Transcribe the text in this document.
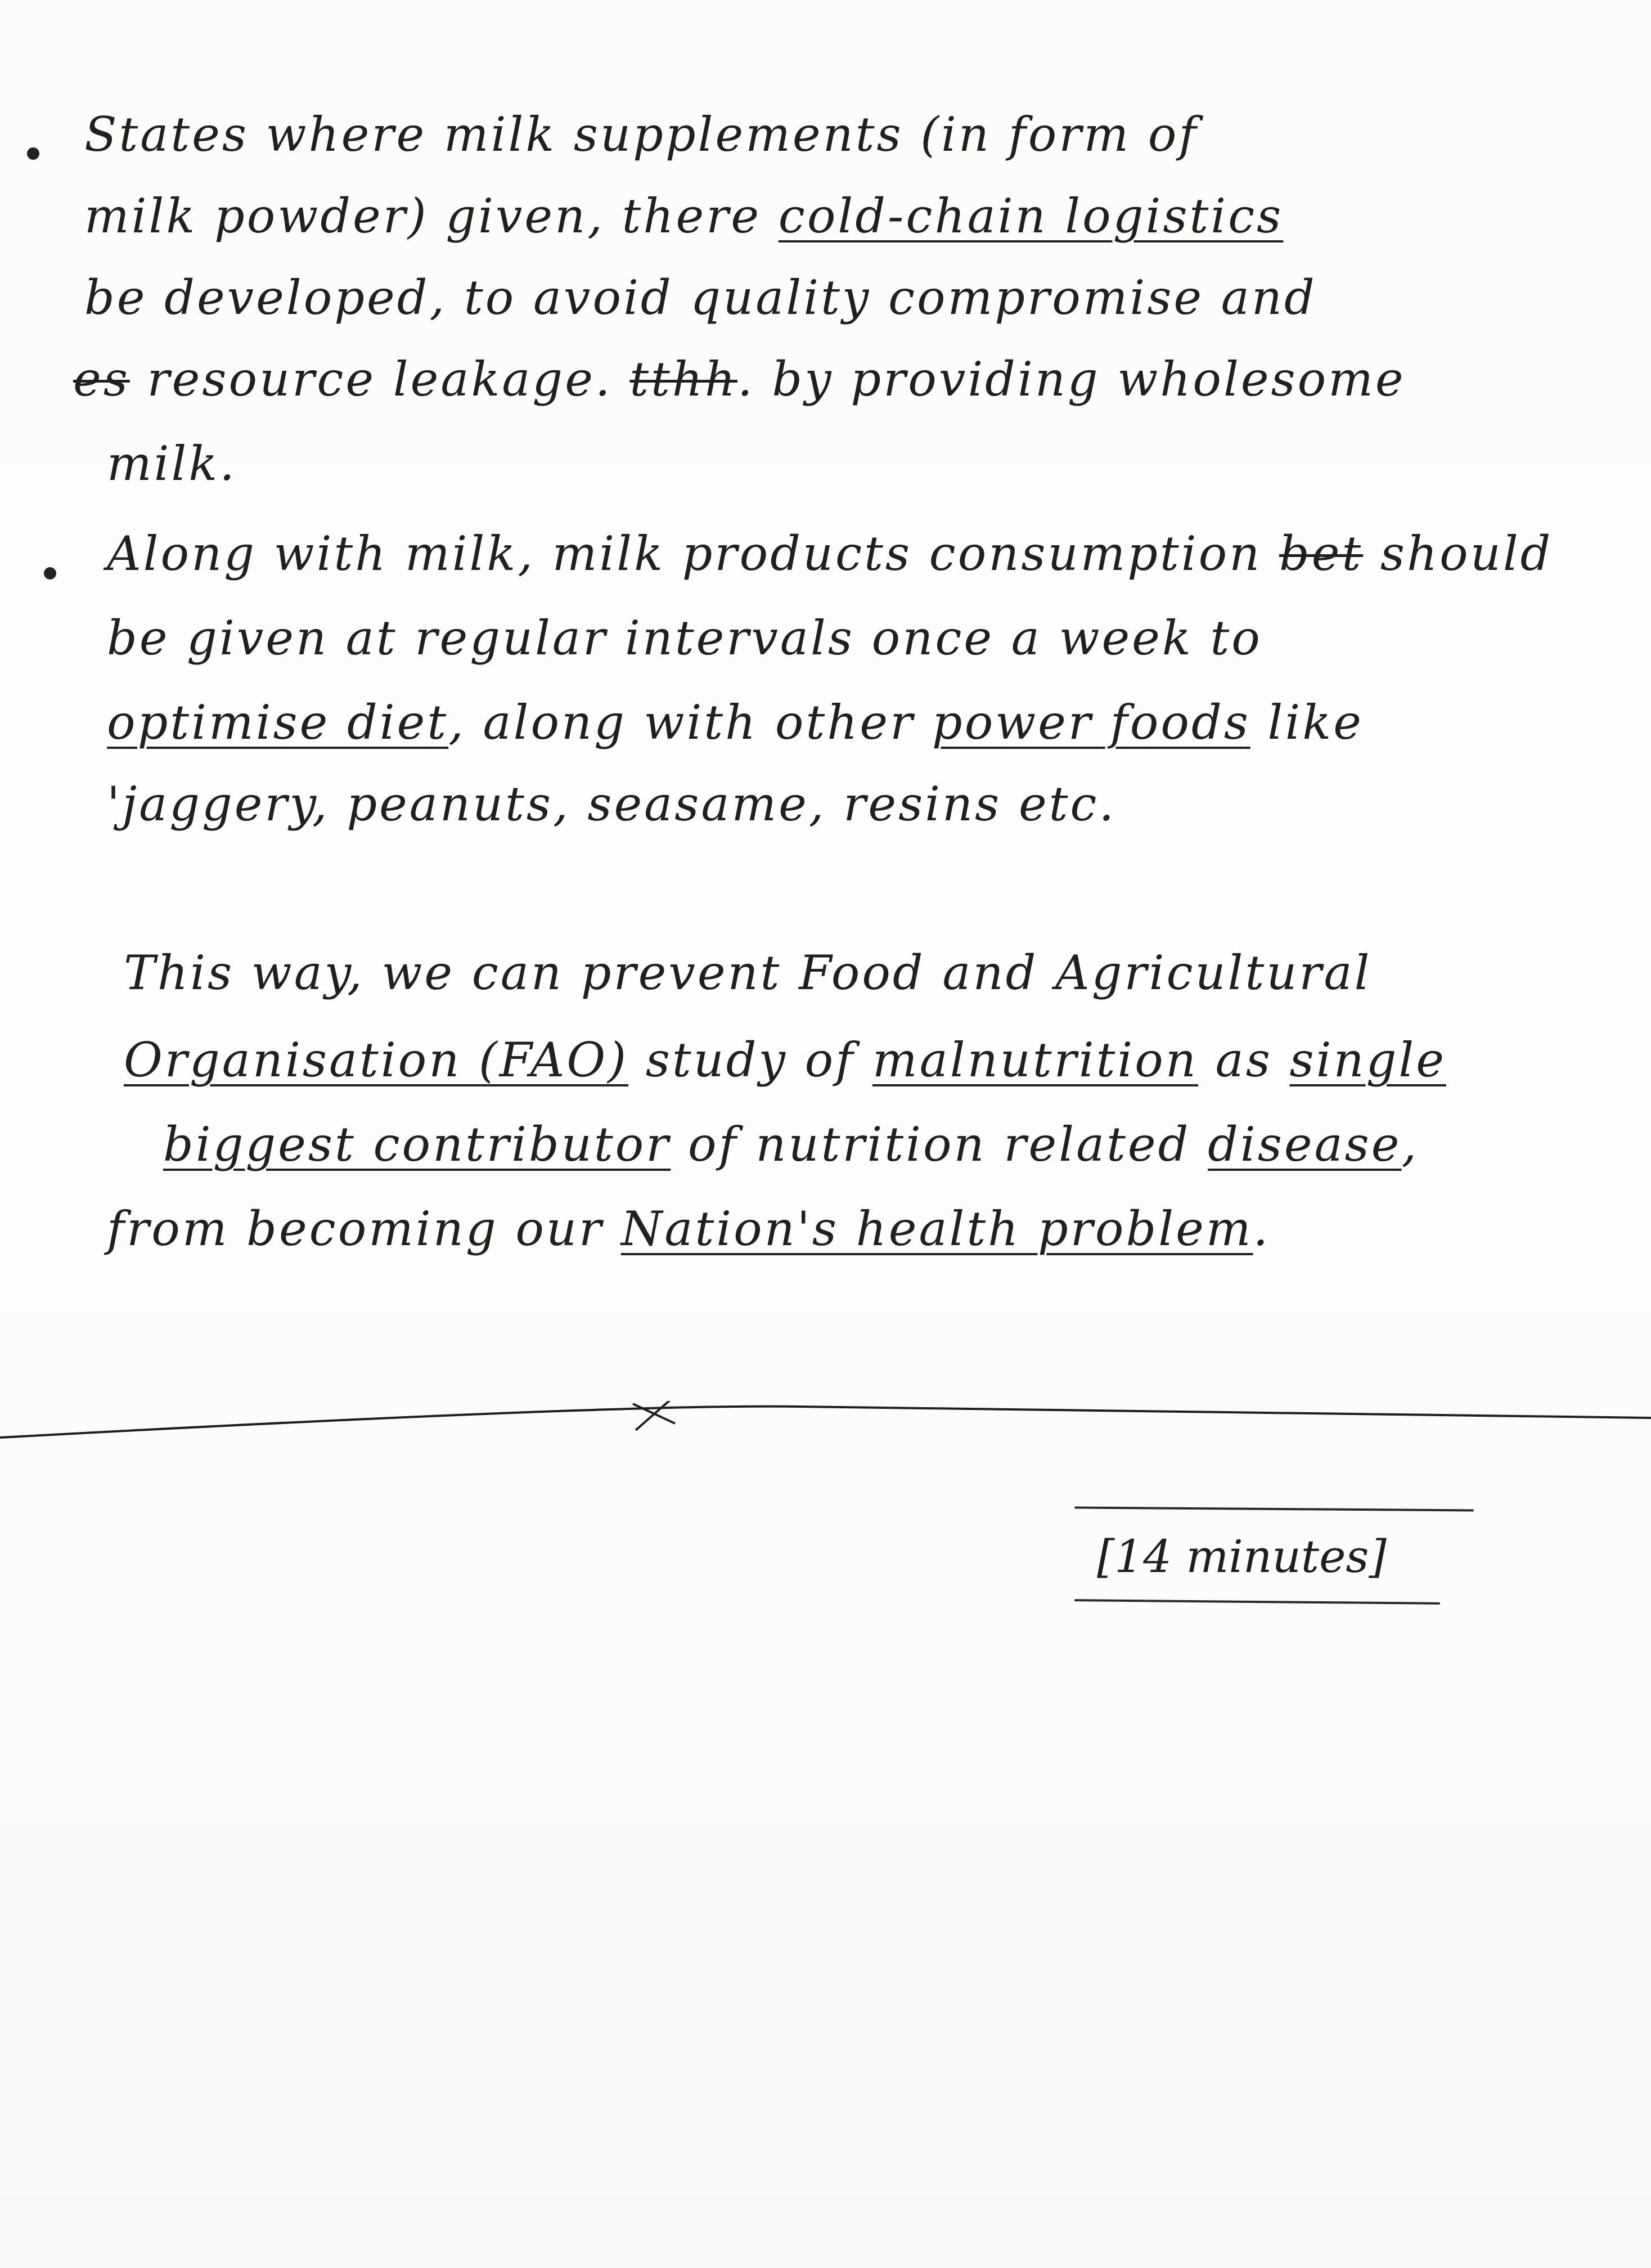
States where milk supplements (in form of
milk powder) given, there cold-chain logistics
be developed, to avoid quality compromise and
es resource leakage. tthh. by providing wholesome
milk.
Along with milk, milk products consumption bet should
be given at regular intervals once a week to
optimise diet, along with other power foods like
'jaggery, peanuts, seasame, resins etc.
This way, we can prevent Food and Agricultural
Organisation (FAO) study of malnutrition as single
biggest contributor of nutrition related disease,
from becoming our Nation's health problem.
[14 minutes]
